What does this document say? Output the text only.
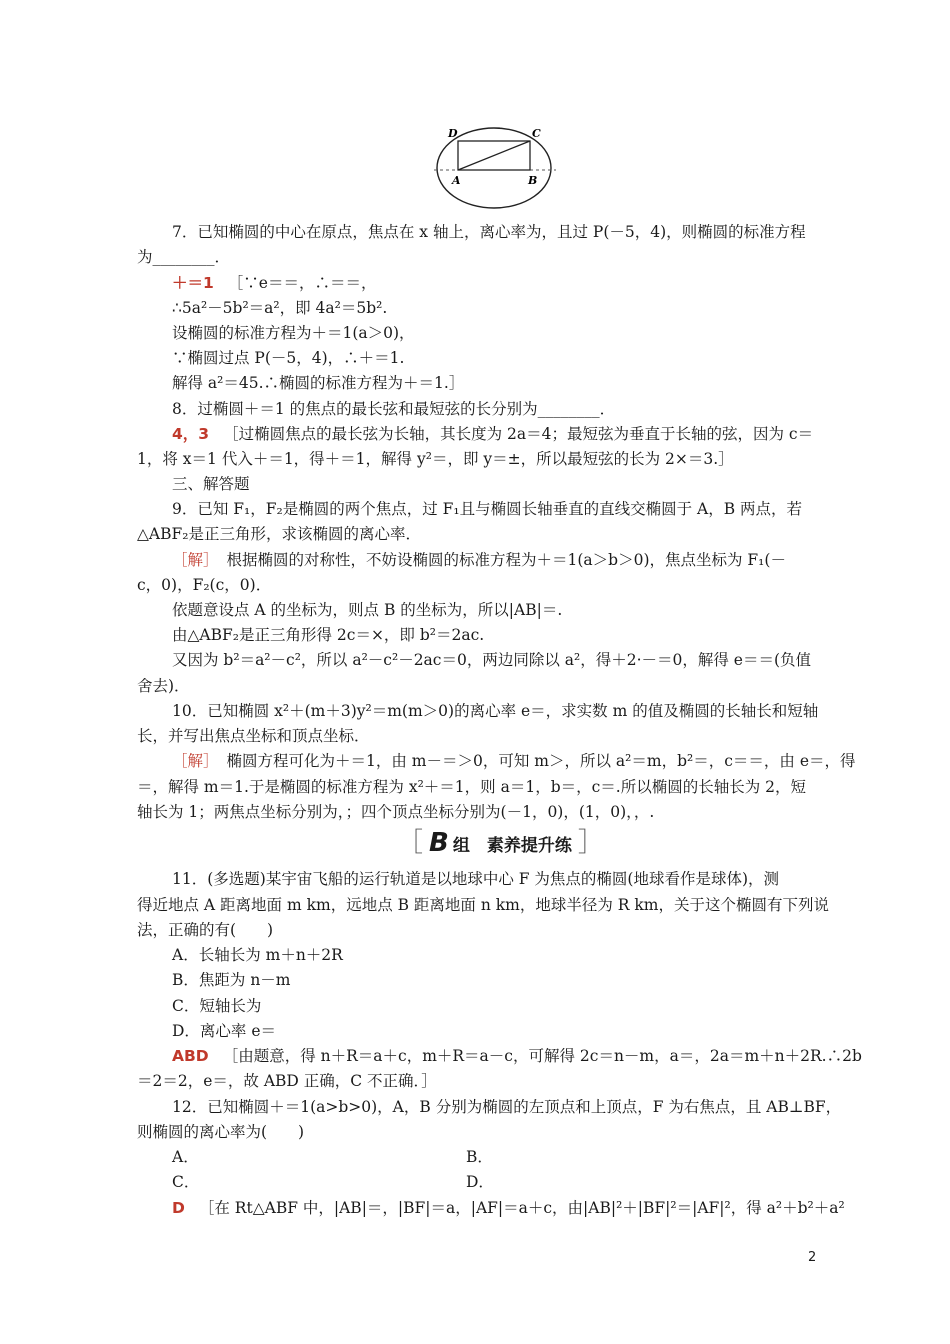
D	C
A	B
7．已知椭圆的中心在原点，焦点在 x 轴上，离心率为，且过 P(－5，4)，则椭圆的标准方程
为________．
＋＝1 ［∵e＝＝，∴＝＝，
∴5a²－5b²＝a²，即 4a²＝5b².
设椭圆的标准方程为＋＝1(a＞0)，
∵椭圆过点 P(－5，4)，∴＋＝1.
解得 a²＝45.∴椭圆的标准方程为＋＝1.］
8．过椭圆＋＝1 的焦点的最长弦和最短弦的长分别为________．
4，3 ［过椭圆焦点的最长弦为长轴，其长度为 2a＝4；最短弦为垂直于长轴的弦，因为 c＝
1，将 x＝1 代入＋＝1，得＋＝1，解得 y²＝，即 y＝±，所以最短弦的长为 2×＝3.］
三、解答题
9．已知 F₁，F₂是椭圆的两个焦点，过 F₁且与椭圆长轴垂直的直线交椭圆于 A，B 两点，若
△ABF₂是正三角形，求该椭圆的离心率．
［解］ 根据椭圆的对称性，不妨设椭圆的标准方程为＋＝1(a＞b＞0)，焦点坐标为 F₁(－
c，0)，F₂(c，0)．
依题意设点 A 的坐标为，则点 B 的坐标为，所以|AB|＝.
由△ABF₂是正三角形得 2c＝×，即 b²＝2ac.
又因为 b²＝a²－c²，所以 a²－c²－2ac＝0，两边同除以 a²，得＋2·－＝0，解得 e＝＝(负值
舍去)．
10．已知椭圆 x²＋(m＋3)y²＝m(m＞0)的离心率 e＝，求实数 m 的值及椭圆的长轴长和短轴
长，并写出焦点坐标和顶点坐标．
［解］ 椭圆方程可化为＋＝1，由 m－＝＞0，可知 m＞，所以 a²＝m，b²＝，c＝＝，由 e＝，得
＝，解得 m＝1.于是椭圆的标准方程为 x²＋＝1，则 a＝1，b＝，c＝.所以椭圆的长轴长为 2，短
轴长为 1；两焦点坐标分别为，；四个顶点坐标分别为(－1，0)，(1，0)，，.
11．(多选题)某宇宙飞船的运行轨道是以地球中心 F 为焦点的椭圆(地球看作是球体)，测
得近地点 A 距离地面 m km，远地点 B 距离地面 n km，地球半径为 R km，关于这个椭圆有下列说
法，正确的有(　　)
A．长轴长为 m＋n＋2R
B．焦距为 n－m
C．短轴长为
D．离心率 e＝
ABD ［由题意，得 n＋R＝a＋c，m＋R＝a－c，可解得 2c＝n－m，a＝，2a＝m＋n＋2R.∴2b
＝2＝2，e＝，故 ABD 正确，C 不正确．］
12．已知椭圆＋＝1(a>b>0)，A，B 分别为椭圆的左顶点和上顶点，F 为右焦点，且 AB⊥BF，
则椭圆的离心率为(　　)
A．	B．
C．	D．
D ［在 Rt△ABF 中，|AB|＝，|BF|＝a，|AF|＝a＋c，由|AB|²＋|BF|²＝|AF|²，得 a²＋b²＋a²
［ B 组　素养提升练 ］
2
